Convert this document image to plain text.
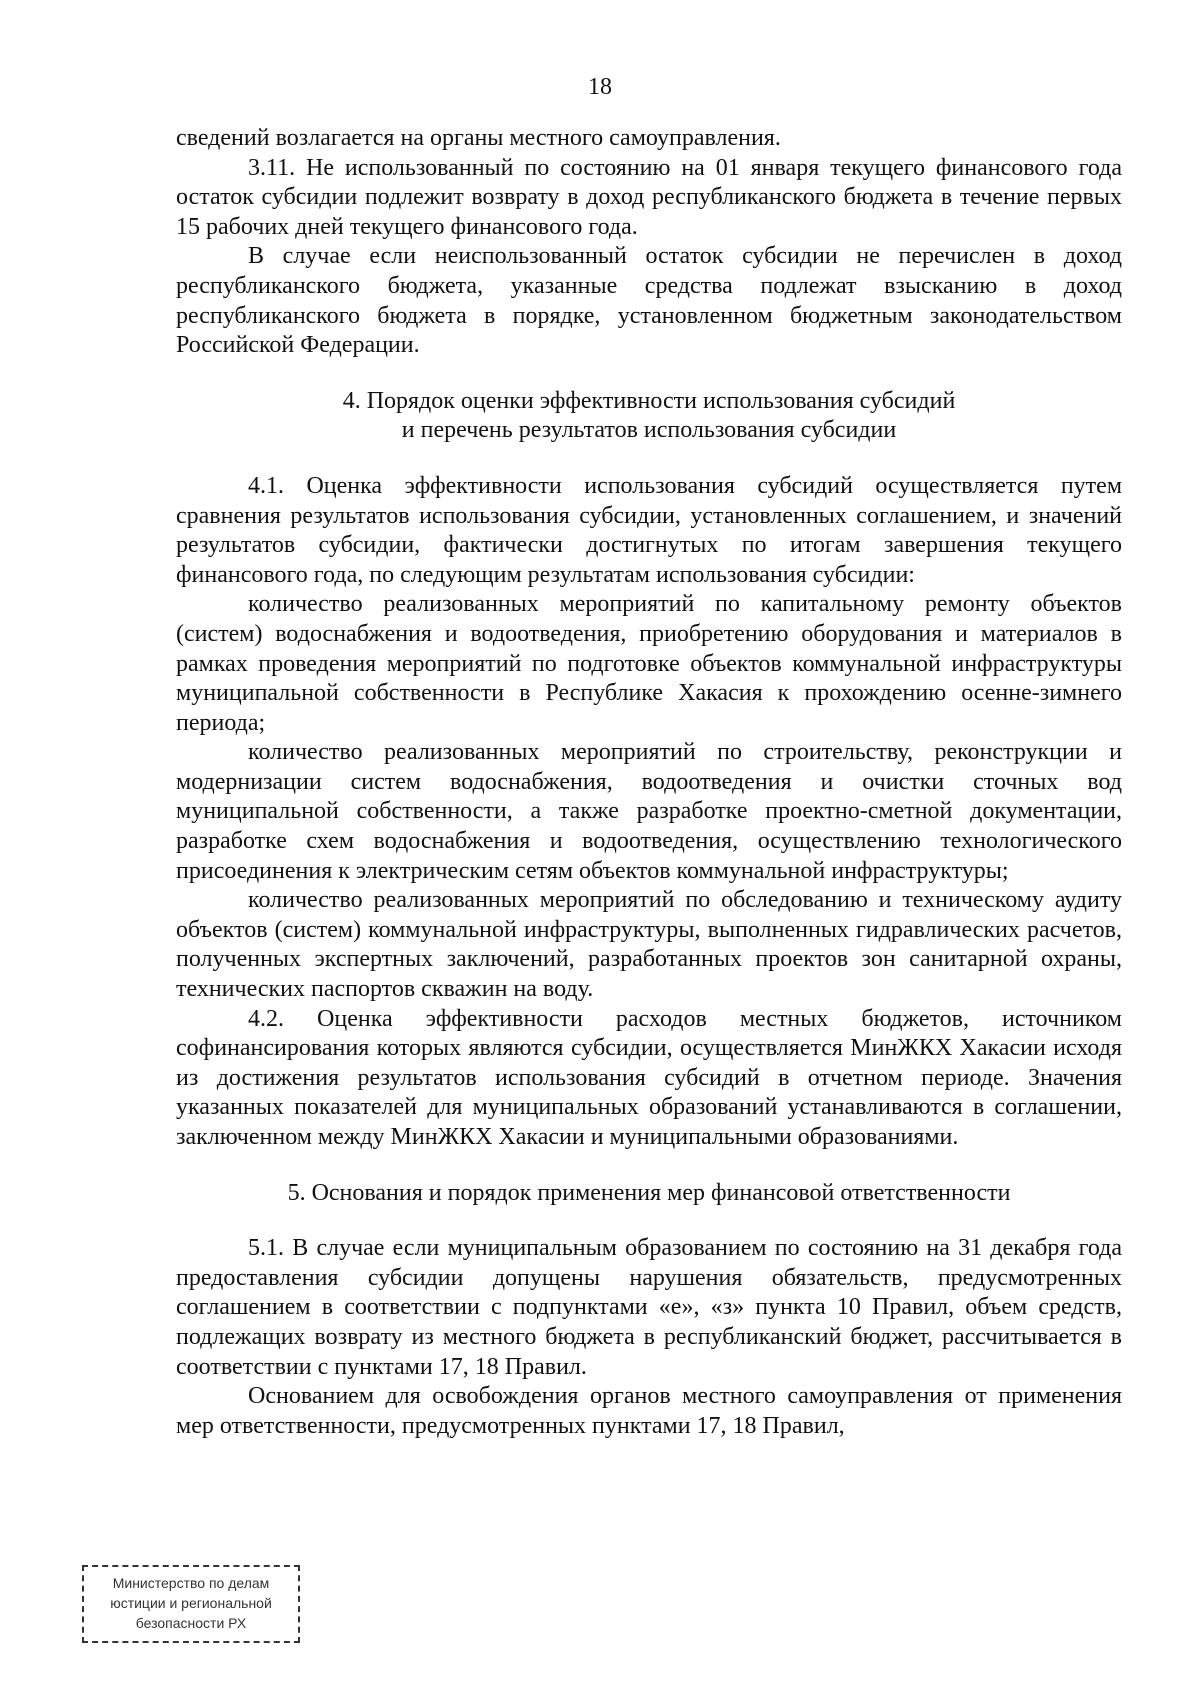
18

сведений возлагается на органы местного самоуправления.

3.11. Не использованный по состоянию на 01 января текущего финансового года остаток субсидии подлежит возврату в доход республиканского бюджета в течение первых 15 рабочих дней текущего финансового года.

В случае если неиспользованный остаток субсидии не перечислен в доход республиканского бюджета, указанные средства подлежат взысканию в доход республиканского бюджета в порядке, установленном бюджетным законодательством Российской Федерации.

4. Порядок оценки эффективности использования субсидий
и перечень результатов использования субсидии

4.1. Оценка эффективности использования субсидий осуществляется путем сравнения результатов использования субсидии, установленных соглашением, и значений результатов субсидии, фактически достигнутых по итогам завершения текущего финансового года, по следующим результатам использования субсидии:

количество реализованных мероприятий по капитальному ремонту объектов (систем) водоснабжения и водоотведения, приобретению оборудования и материалов в рамках проведения мероприятий по подготовке объектов коммунальной инфраструктуры муниципальной собственности в Республике Хакасия к прохождению осенне-зимнего периода;

количество реализованных мероприятий по строительству, реконструкции и модернизации систем водоснабжения, водоотведения и очистки сточных вод муниципальной собственности, а также разработке проектно-сметной документации, разработке схем водоснабжения и водоотведения, осуществлению технологического присоединения к электрическим сетям объектов коммунальной инфраструктуры;

количество реализованных мероприятий по обследованию и техническому аудиту объектов (систем) коммунальной инфраструктуры, выполненных гидравлических расчетов, полученных экспертных заключений, разработанных проектов зон санитарной охраны, технических паспортов скважин на воду.

4.2. Оценка эффективности расходов местных бюджетов, источником софинансирования которых являются субсидии, осуществляется МинЖКХ Хакасии исходя из достижения результатов использования субсидий в отчетном периоде. Значения указанных показателей для муниципальных образований устанавливаются в соглашении, заключенном между МинЖКХ Хакасии и муниципальными образованиями.

5. Основания и порядок применения мер финансовой ответственности

5.1. В случае если муниципальным образованием по состоянию на 31 декабря года предоставления субсидии допущены нарушения обязательств, предусмотренных соглашением в соответствии с подпунктами «е», «з» пункта 10 Правил, объем средств, подлежащих возврату из местного бюджета в республиканский бюджет, рассчитывается в соответствии с пунктами 17, 18 Правил.

Основанием для освобождения органов местного самоуправления от применения мер ответственности, предусмотренных пунктами 17, 18 Правил,

Министерство по делам
юстиции и региональной
безопасности РХ
